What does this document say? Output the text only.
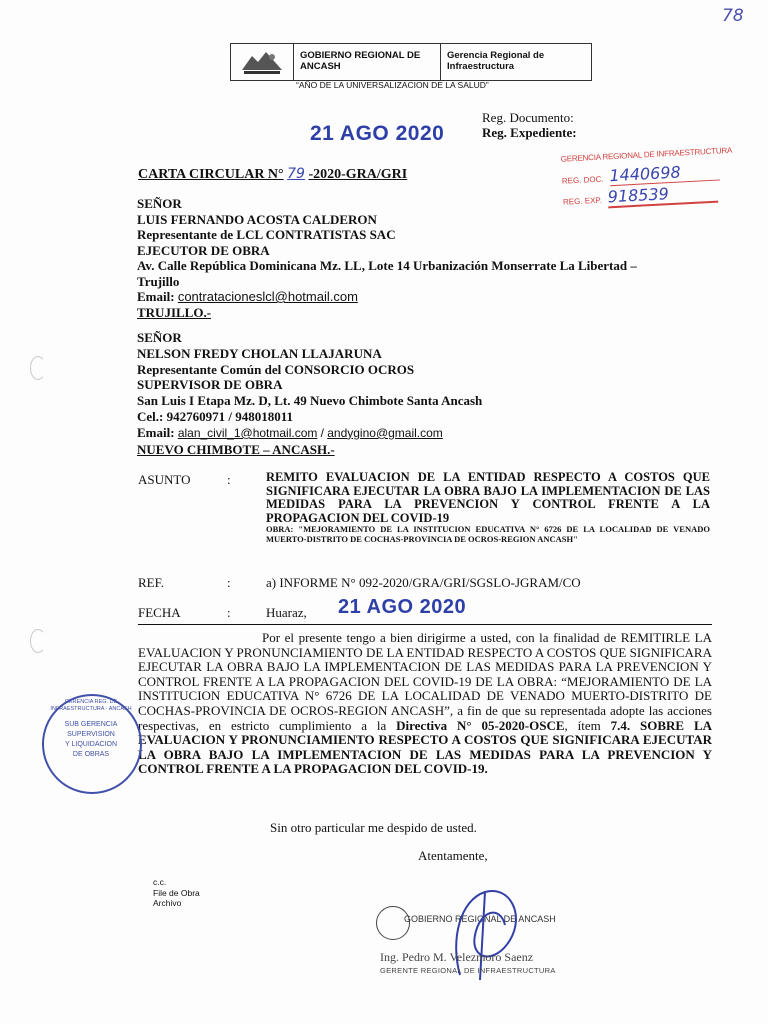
78
GOBIERNO REGIONAL DE ANCASH
Gerencia Regional de Infraestructura
“AÑO DE LA UNIVERSALIZACION DE LA SALUD”
21 AGO 2020
Reg. Documento:
Reg. Expediente:
GERENCIA REGIONAL DE INFRAESTRUCTURA
REG. DOC. 1440698
REG. EXP. 918539
CARTA CIRCULAR N° 79 -2020-GRA/GRI
SEÑOR
LUIS FERNANDO ACOSTA CALDERON
Representante de LCL CONTRATISTAS SAC
EJECUTOR DE OBRA
Av. Calle República Dominicana Mz. LL, Lote 14 Urbanización Monserrate La Libertad –
Trujillo
Email: contratacioneslcl@hotmail.com
TRUJILLO.-
SEÑOR
NELSON FREDY CHOLAN LLAJARUNA
Representante Común del CONSORCIO OCROS
SUPERVISOR DE OBRA
San Luis I Etapa Mz. D, Lt. 49 Nuevo Chimbote Santa Ancash
Cel.: 942760971 / 948018011
Email: alan_civil_1@hotmail.com / andygino@gmail.com
NUEVO CHIMBOTE – ANCASH.-
ASUNTO	:	REMITO EVALUACION DE LA ENTIDAD RESPECTO A COSTOS QUE SIGNIFICARA EJECUTAR LA OBRA BAJO LA IMPLEMENTACION DE LAS MEDIDAS PARA LA PREVENCION Y CONTROL FRENTE A LA PROPAGACION DEL COVID-19
OBRA: "MEJORAMIENTO DE LA INSTITUCION EDUCATIVA N° 6726 DE LA LOCALIDAD DE VENADO MUERTO-DISTRITO DE COCHAS-PROVINCIA DE OCROS-REGION ANCASH"
REF.	:	a) INFORME N° 092-2020/GRA/GRI/SGSLO-JGRAM/CO
FECHA	:	Huaraz, 21 AGO 2020
Por el presente tengo a bien dirigirme a usted, con la finalidad de REMITIRLE LA EVALUACION Y PRONUNCIAMIENTO DE LA ENTIDAD RESPECTO A COSTOS QUE SIGNIFICARA EJECUTAR LA OBRA BAJO LA IMPLEMENTACION DE LAS MEDIDAS PARA LA PREVENCION Y CONTROL FRENTE A LA PROPAGACION DEL COVID-19 DE LA OBRA: “MEJORAMIENTO DE LA INSTITUCION EDUCATIVA N° 6726 DE LA LOCALIDAD DE VENADO MUERTO-DISTRITO DE COCHAS-PROVINCIA DE OCROS-REGION ANCASH”, a fin de que su representada adopte las acciones respectivas, en estricto cumplimiento a la Directiva N° 05-2020-OSCE, ítem 7.4. SOBRE LA EVALUACION Y PRONUNCIAMIENTO RESPECTO A COSTOS QUE SIGNIFICARA EJECUTAR LA OBRA BAJO LA IMPLEMENTACION DE LAS MEDIDAS PARA LA PREVENCION Y CONTROL FRENTE A LA PROPAGACION DEL COVID-19.
Sin otro particular me despido de usted.
Atentamente,
GERENCIA REG. DE INFRAESTRUCTURA · ANCASH
SUB GERENCIA
SUPERVISION
Y LIQUIDACION
DE OBRAS
c.c.
File de Obra
Archivo
GOBIERNO REGIONAL DE ANCASH
Ing. Pedro M. Velezmoro Saenz
GERENTE REGIONAL DE INFRAESTRUCTURA
